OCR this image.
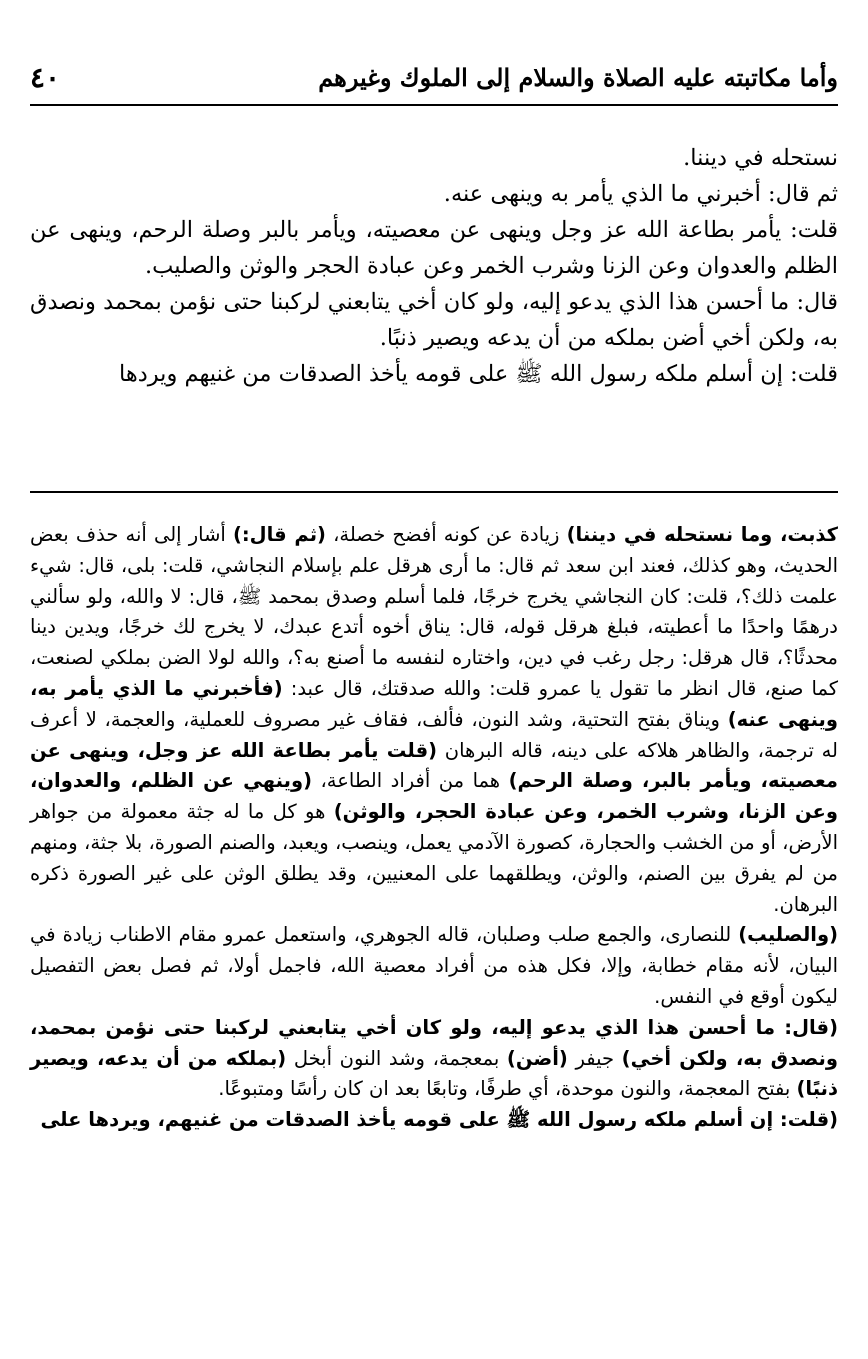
وأما مكاتبته عليه الصلاة والسلام إلى الملوك وغيرهم
٤٠

نستحله في ديننا.

ثم قال: أخبرني ما الذي يأمر به وينهى عنه.

قلت: يأمر بطاعة الله عز وجل وينهى عن معصيته، ويأمر بالبر وصلة الرحم، وينهى عن الظلم والعدوان وعن الزنا وشرب الخمر وعن عبادة الحجر والوثن والصليب.

قال: ما أحسن هذا الذي يدعو إليه، ولو كان أخي يتابعني لركبنا حتى نؤمن بمحمد ونصدق به، ولكن أخي أضن بملكه من أن يدعه ويصير ذنبًا.

قلت: إن أسلم ملكه رسول الله ﷺ على قومه يأخذ الصدقات من غنيهم ويردها

كذبت، وما نستحله في ديننا) زيادة عن كونه أفضح خصلة، (ثم قال:) أشار إلى أنه حذف بعض الحديث، وهو كذلك، فعند ابن سعد ثم قال: ما أرى هرقل علم بإسلام النجاشي، قلت: بلى، قال: شيء علمت ذلك؟، قلت: كان النجاشي يخرج خرجًا، فلما أسلم وصدق بمحمد ﷺ، قال: لا والله، ولو سألني درهمًا واحدًا ما أعطيته، فبلغ هرقل قوله، قال: يناق أخوه أتدع عبدك، لا يخرج لك خرجًا، ويدين دينا محدثًا؟، قال هرقل: رجل رغب في دين، واختاره لنفسه ما أصنع به؟، والله لولا الضن بملكي لصنعت، كما صنع، قال انظر ما تقول يا عمرو قلت: والله صدقتك، قال عبد: (فأخبرني ما الذي يأمر به، وينهى عنه) ويناق بفتح التحتية، وشد النون، فألف، فقاف غير مصروف للعملية، والعجمة، لا أعرف له ترجمة، والظاهر هلاكه على دينه، قاله البرهان (قلت يأمر بطاعة الله عز وجل، وينهى عن معصيته، ويأمر بالبر، وصلة الرحم) هما من أفراد الطاعة، (وينهي عن الظلم، والعدوان، وعن الزنا، وشرب الخمر، وعن عبادة الحجر، والوثن) هو كل ما له جثة معمولة من جواهر الأرض، أو من الخشب والحجارة، كصورة الآدمي يعمل، وينصب، ويعبد، والصنم الصورة، بلا جثة، ومنهم من لم يفرق بين الصنم، والوثن، ويطلقهما على المعنيين، وقد يطلق الوثن على غير الصورة ذكره البرهان.

(والصليب) للنصارى، والجمع صلب وصلبان، قاله الجوهري، واستعمل عمرو مقام الاطناب زيادة في البيان، لأنه مقام خطابة، وإلا، فكل هذه من أفراد معصية الله، فاجمل أولا، ثم فصل بعض التفصيل ليكون أوقع في النفس.

(قال: ما أحسن هذا الذي يدعو إليه، ولو كان أخي يتابعني لركبنا حتى نؤمن بمحمد، ونصدق به، ولكن أخي) جيفر (أضن) بمعجمة، وشد النون أبخل (بملكه من أن يدعه، ويصير ذنبًا) بفتح المعجمة، والنون موحدة، أي طرفًا، وتابعًا بعد ان كان رأسًا ومتبوعًا.

(قلت: إن أسلم ملكه رسول الله ﷺ على قومه يأخذ الصدقات من غنيهم، ويردها على
